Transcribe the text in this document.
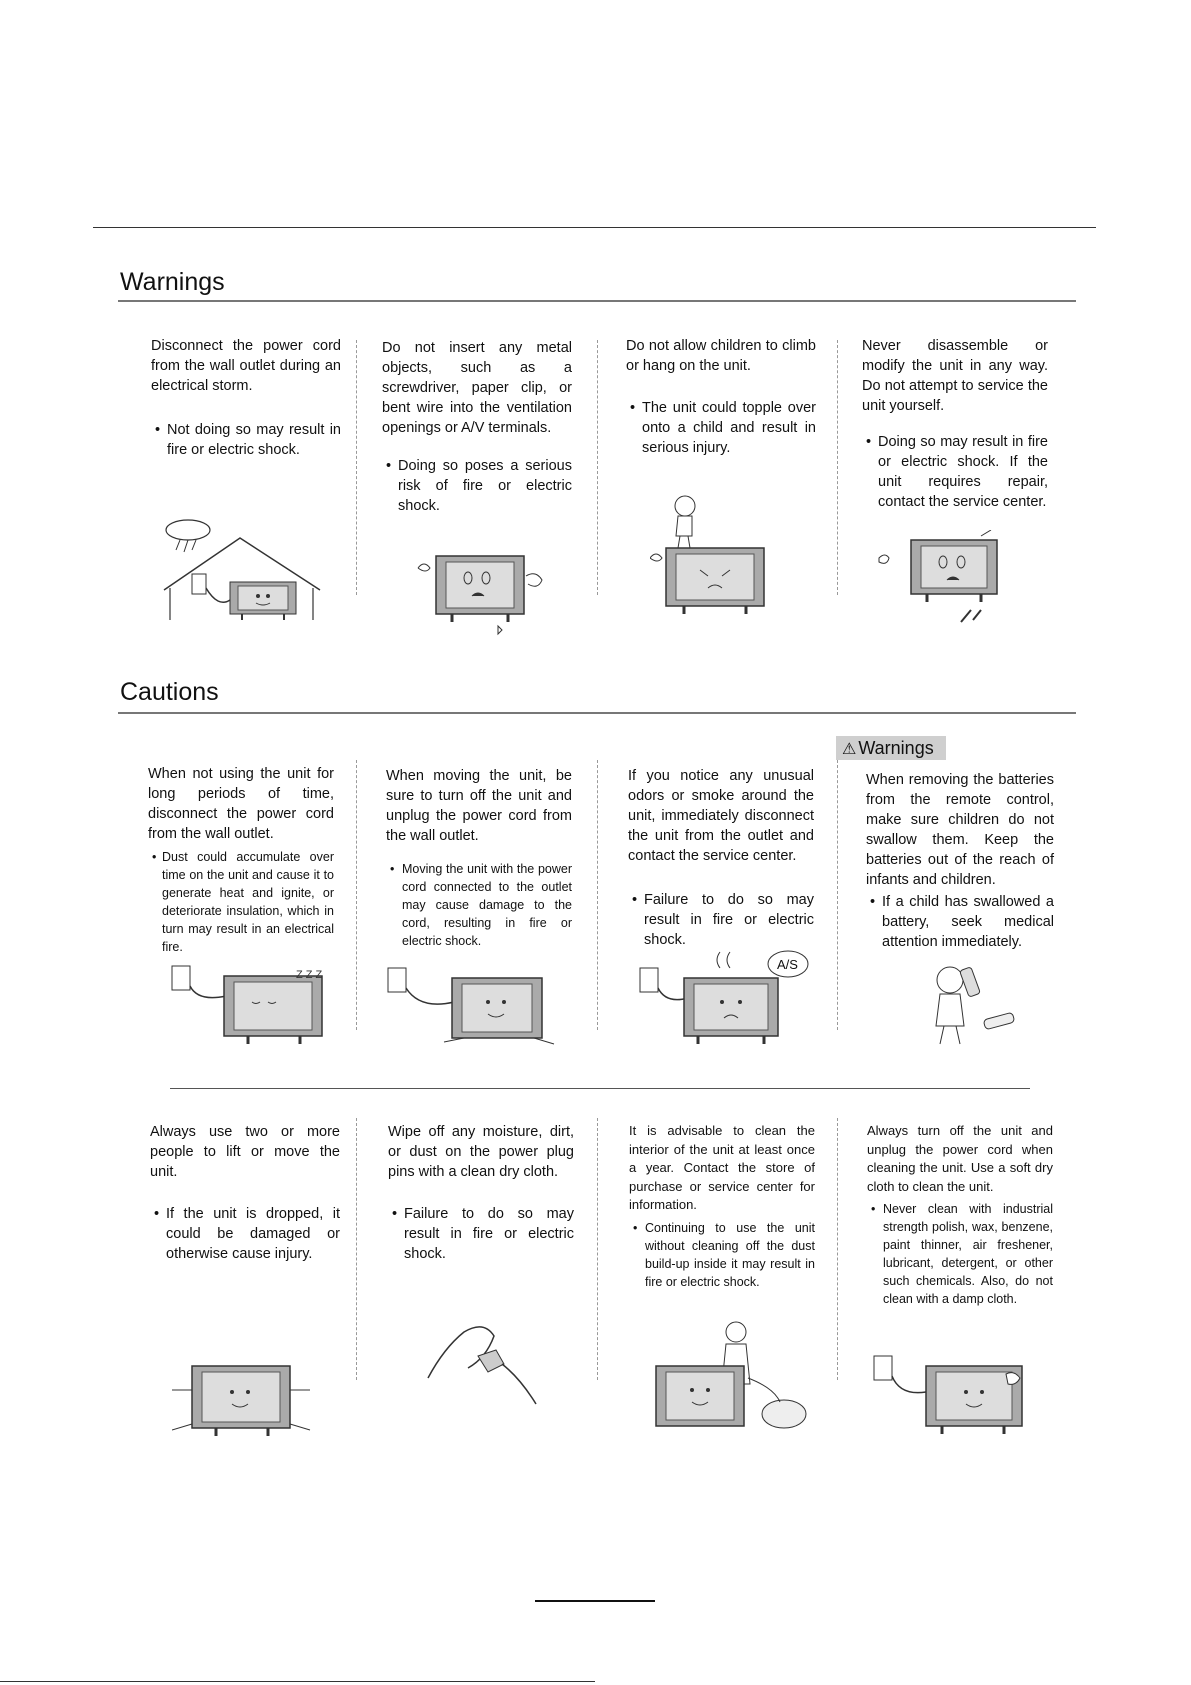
Warnings

Disconnect the power cord from the wall outlet during an electrical storm.

• Not doing so may result in fire or electric shock.

Do not insert any metal objects, such as a screwdriver, paper clip, or bent wire into the ventilation openings or A/V terminals.

• Doing so poses a serious risk of fire or electric shock.

Do not allow children to climb or hang on the unit.

• The unit could topple over onto a child and result in serious injury.

Never disassemble or modify the unit in any way. Do not attempt to service the unit yourself.

• Doing so may result in fire or electric shock. If the unit requires repair, contact the service center.

Cautions
⚠ Warnings

When not using the unit for long periods of time, disconnect the power cord from the wall outlet.

• Dust could accumulate over time on the unit and cause it to generate heat and ignite, or deteriorate insulation, which in turn may result in an electrical fire.

When moving the unit, be sure to turn off the unit and unplug the power cord from the wall outlet.

• Moving the unit with the power cord connected to the outlet may cause damage to the cord, resulting in fire or electric shock.

If you notice any unusual odors or smoke around the unit, immediately disconnect the unit from the outlet and contact the service center.

• Failure to do so may result in fire or electric shock.

When removing the batteries from the remote control, make sure children do not swallow them. Keep the batteries out of the reach of infants and children.

• If a child has swallowed a battery, seek medical attention immediately.

Z Z Z
A/S

Always use two or more people to lift or move the unit.

• If the unit is dropped, it could be damaged or otherwise cause injury.

Wipe off any moisture, dirt, or dust on the power plug pins with a clean dry cloth.

• Failure to do so may result in fire or electric shock.

It is advisable to clean the interior of the unit at least once a year. Contact the store of purchase or service center for information.

• Continuing to use the unit without cleaning off the dust build-up inside it may result in fire or electric shock.

Always turn off the unit and unplug the power cord when cleaning the unit. Use a soft dry cloth to clean the unit.

• Never clean with industrial strength polish, wax, benzene, paint thinner, air freshener, lubricant, detergent, or other such chemicals. Also, do not clean with a damp cloth.
